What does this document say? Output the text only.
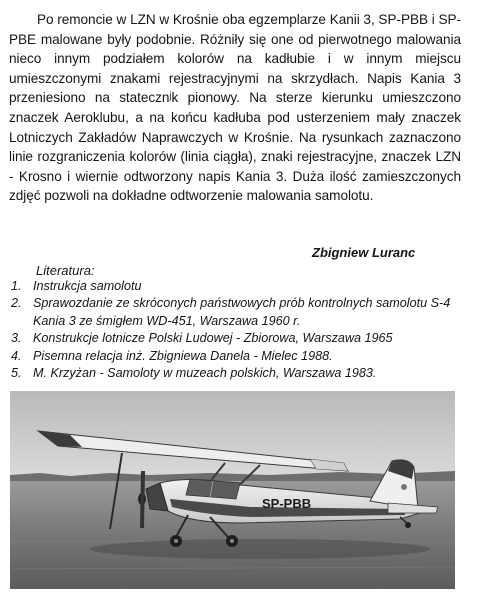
Po remoncie w LZN w Krośnie oba egzemplarze Kanii 3, SP-PBB i SP-PBE malowane były podobnie. Różniły się one od pierwotnego malowania nieco innym podziałem kolorów na kadłubie i w innym miejscu umieszczonymi znakami rejestracyjnymi na skrzydłach. Napis Kania 3 przeniesiono na statecznʲk pionowy. Na sterze kierunku umieszczono znaczek Aeroklubu, a na końcu kadłuba pod usterzeniem mały znaczek Lotniczych Zakładów Naprawczych w Krośnie. Na rysunkach zaznaczono linie rozgraniczenia kolorów (linia ciągła), znaki rejestracyjne, znaczek LZN - Krosno i wiernie odtworzony napis Kania 3. Duża ilość zamieszczonych zdjęć pozwoli na dokładne odtworzenie malowania samolotu.

Zbigniew Luranc

Literatura:

1. Instrukcja samolotu
2. Sprawozdanie ze skróconych państwowych prób kontrolnych samolotu S-4 Kania 3 ze śmigłem WD-451, Warszawa 1960 r.
3. Konstrukcje lotnicze Polski Ludowej - Zbiorowa, Warszawa 1965
4. Pisemna relacja inż. Zbigniewa Danela - Mielec 1988.
5. M. Krzyżan - Samoloty w muzeach polskich, Warszawa 1983.
SP-PBB
